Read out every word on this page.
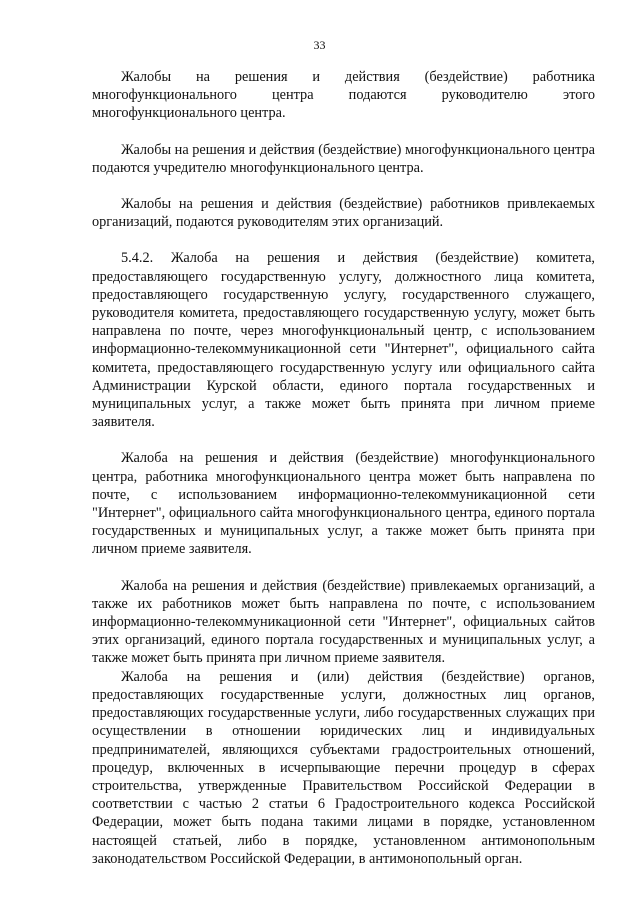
33

Жалобы на решения и действия (бездействие) работника многофункционального центра подаются руководителю этого многофункционального центра.

Жалобы на решения и действия (бездействие) многофункционального центра подаются учредителю многофункционального центра.

Жалобы на решения и действия (бездействие) работников привлекаемых организаций, подаются руководителям этих организаций.

5.4.2. Жалоба на решения и действия (бездействие) комитета, предоставляющего государственную услугу, должностного лица комитета, предоставляющего государственную услугу, государственного служащего, руководителя комитета, предоставляющего государственную услугу, может быть направлена по почте, через многофункциональный центр, с использованием информационно-телекоммуникационной сети "Интернет", официального сайта комитета, предоставляющего государственную услугу или официального сайта Администрации Курской области, единого портала государственных и муниципальных услуг, а также может быть принята при личном приеме заявителя.

Жалоба на решения и действия (бездействие) многофункционального центра, работника многофункционального центра может быть направлена по почте, с использованием информационно-телекоммуникационной сети "Интернет", официального сайта многофункционального центра, единого портала государственных и муниципальных услуг, а также может быть принята при личном приеме заявителя.

Жалоба на решения и действия (бездействие) привлекаемых организаций, а также их работников может быть направлена по почте, с использованием информационно-телекоммуникационной сети "Интернет", официальных сайтов этих организаций, единого портала государственных и муниципальных услуг, а также может быть принята при личном приеме заявителя.

Жалоба на решения и (или) действия (бездействие) органов, предоставляющих государственные услуги, должностных лиц органов, предоставляющих государственные услуги, либо государственных служащих при осуществлении в отношении юридических лиц и индивидуальных предпринимателей, являющихся субъектами градостроительных отношений, процедур, включенных в исчерпывающие перечни процедур в сферах строительства, утвержденные Правительством Российской Федерации в соответствии с частью 2 статьи 6 Градостроительного кодекса Российской Федерации, может быть подана такими лицами в порядке, установленном настоящей статьей, либо в порядке, установленном антимонопольным законодательством Российской Федерации, в антимонопольный орган.
